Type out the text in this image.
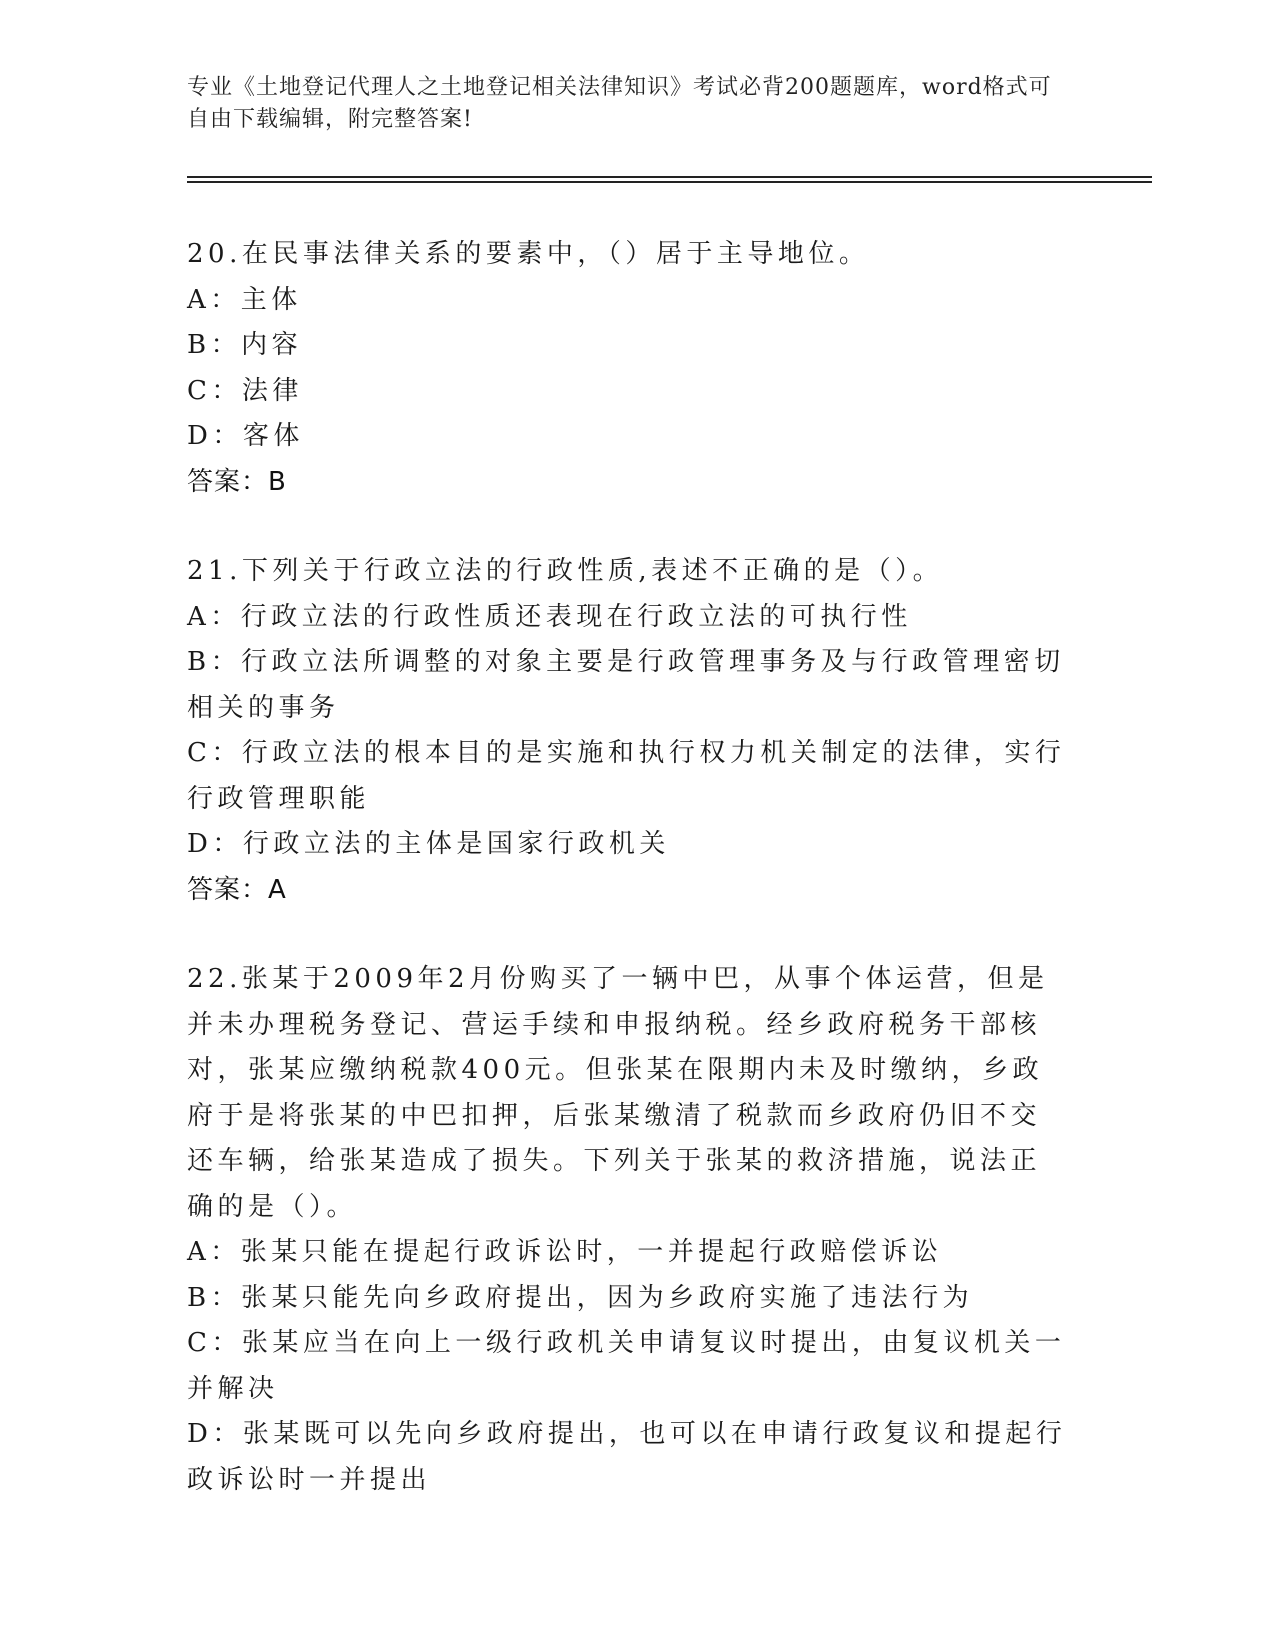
专业《土地登记代理人之土地登记相关法律知识》考试必背200题题库，word格式可自由下载编辑，附完整答案!
20.在民事法律关系的要素中，（）居于主导地位。
A：主体
B：内容
C：法律
D：客体
答案：B
21.下列关于行政立法的行政性质,表述不正确的是（）。
A：行政立法的行政性质还表现在行政立法的可执行性
B：行政立法所调整的对象主要是行政管理事务及与行政管理密切相关的事务
C：行政立法的根本目的是实施和执行权力机关制定的法律，实行行政管理职能
D：行政立法的主体是国家行政机关
答案：A
22.张某于2009年2月份购买了一辆中巴，从事个体运营，但是并未办理税务登记、营运手续和申报纳税。经乡政府税务干部核对，张某应缴纳税款400元。但张某在限期内未及时缴纳，乡政府于是将张某的中巴扣押，后张某缴清了税款而乡政府仍旧不交还车辆，给张某造成了损失。下列关于张某的救济措施，说法正确的是（）。
A：张某只能在提起行政诉讼时，一并提起行政赔偿诉讼
B：张某只能先向乡政府提出，因为乡政府实施了违法行为
C：张某应当在向上一级行政机关申请复议时提出，由复议机关一并解决
D：张某既可以先向乡政府提出，也可以在申请行政复议和提起行政诉讼时一并提出
